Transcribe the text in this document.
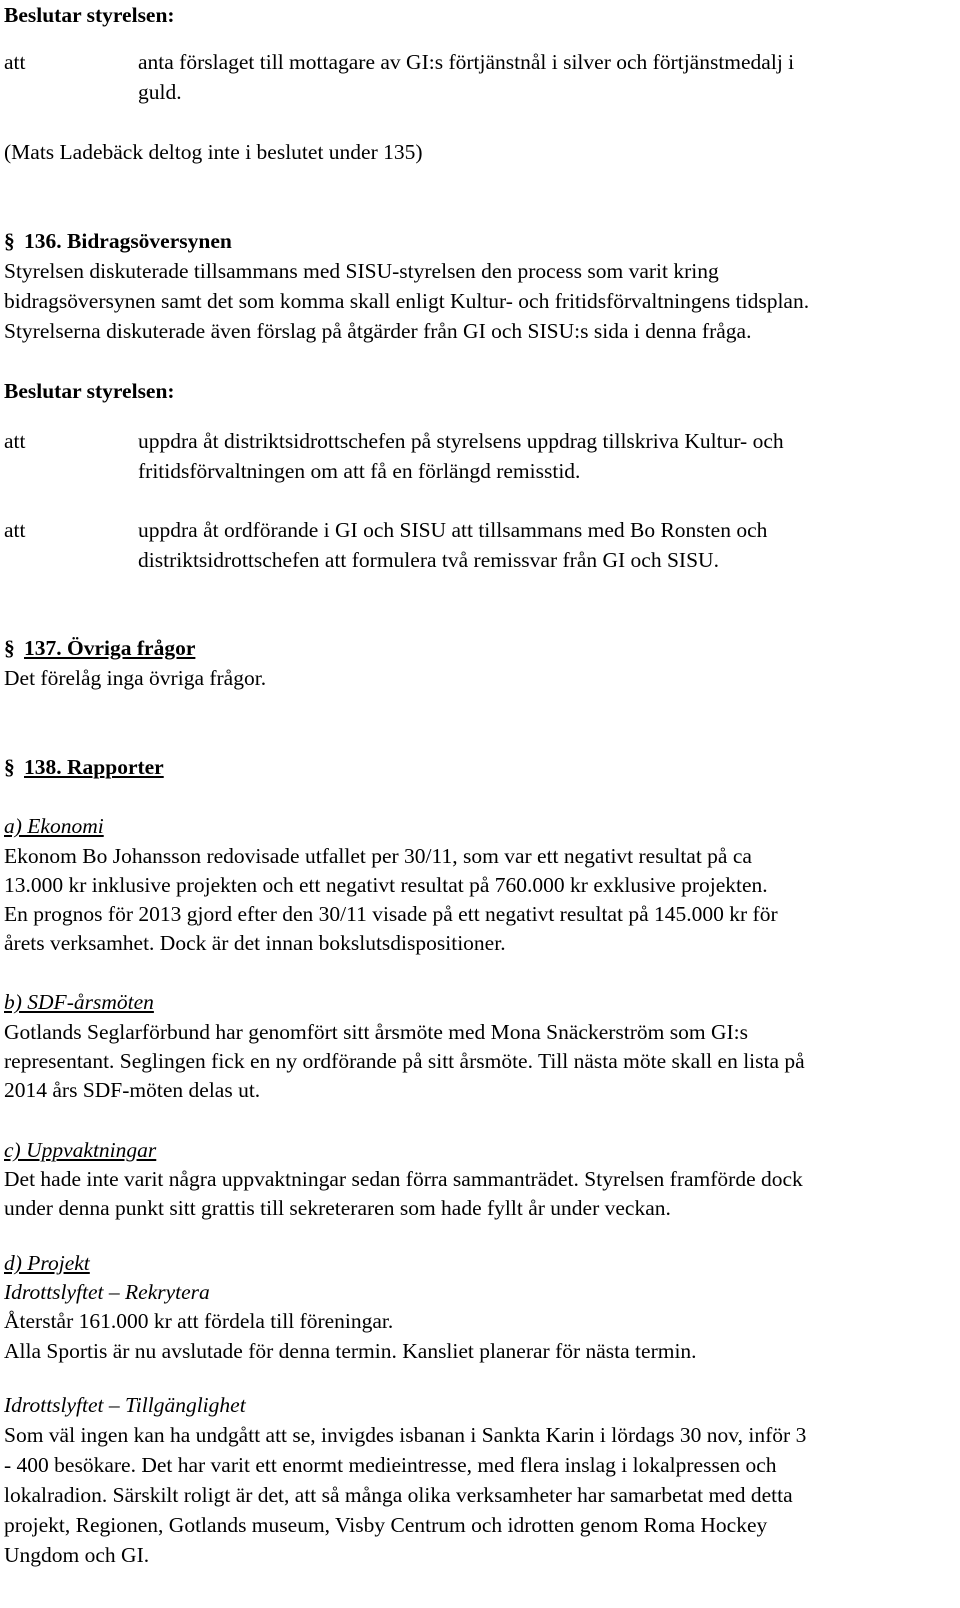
Beslutar styrelsen:
att	anta förslaget till mottagare av GI:s förtjänstnål i silver och förtjänstmedalj i
guld.
(Mats Ladebäck deltog inte i beslutet under 135)
§ 136. Bidragsöversynen
Styrelsen diskuterade tillsammans med SISU-styrelsen den process som varit kring
bidragsöversynen samt det som komma skall enligt Kultur- och fritidsförvaltningens tidsplan.
Styrelserna diskuterade även förslag på åtgärder från GI och SISU:s sida i denna fråga.
Beslutar styrelsen:
att	uppdra åt distriktsidrottschefen på styrelsens uppdrag tillskriva Kultur- och
fritidsförvaltningen om att få en förlängd remisstid.
att	uppdra åt ordförande i GI och SISU att tillsammans med Bo Ronsten och
distriktsidrottschefen att formulera två remissvar från GI och SISU.
§ 137. Övriga frågor
Det förelåg inga övriga frågor.
§ 138. Rapporter
a) Ekonomi
Ekonom Bo Johansson redovisade utfallet per 30/11, som var ett negativt resultat på ca
13.000 kr inklusive projekten och ett negativt resultat på 760.000 kr exklusive projekten.
En prognos för 2013 gjord efter den 30/11 visade på ett negativt resultat på 145.000 kr för
årets verksamhet. Dock är det innan bokslutsdispositioner.
b) SDF-årsmöten
Gotlands Seglarförbund har genomfört sitt årsmöte med Mona Snäckerström som GI:s
representant. Seglingen fick en ny ordförande på sitt årsmöte. Till nästa möte skall en lista på
2014 års SDF-möten delas ut.
c) Uppvaktningar
Det hade inte varit några uppvaktningar sedan förra sammanträdet. Styrelsen framförde dock
under denna punkt sitt grattis till sekreteraren som hade fyllt år under veckan.
d) Projekt
Idrottslyftet – Rekrytera
Återstår 161.000 kr att fördela till föreningar.
Alla Sportis är nu avslutade för denna termin. Kansliet planerar för nästa termin.
Idrottslyftet – Tillgänglighet
Som väl ingen kan ha undgått att se, invigdes isbanan i Sankta Karin i lördags 30 nov, inför 3
- 400 besökare. Det har varit ett enormt medieintresse, med flera inslag i lokalpressen och
lokalradion. Särskilt roligt är det, att så många olika verksamheter har samarbetat med detta
projekt, Regionen, Gotlands museum, Visby Centrum och idrotten genom Roma Hockey
Ungdom och GI.
